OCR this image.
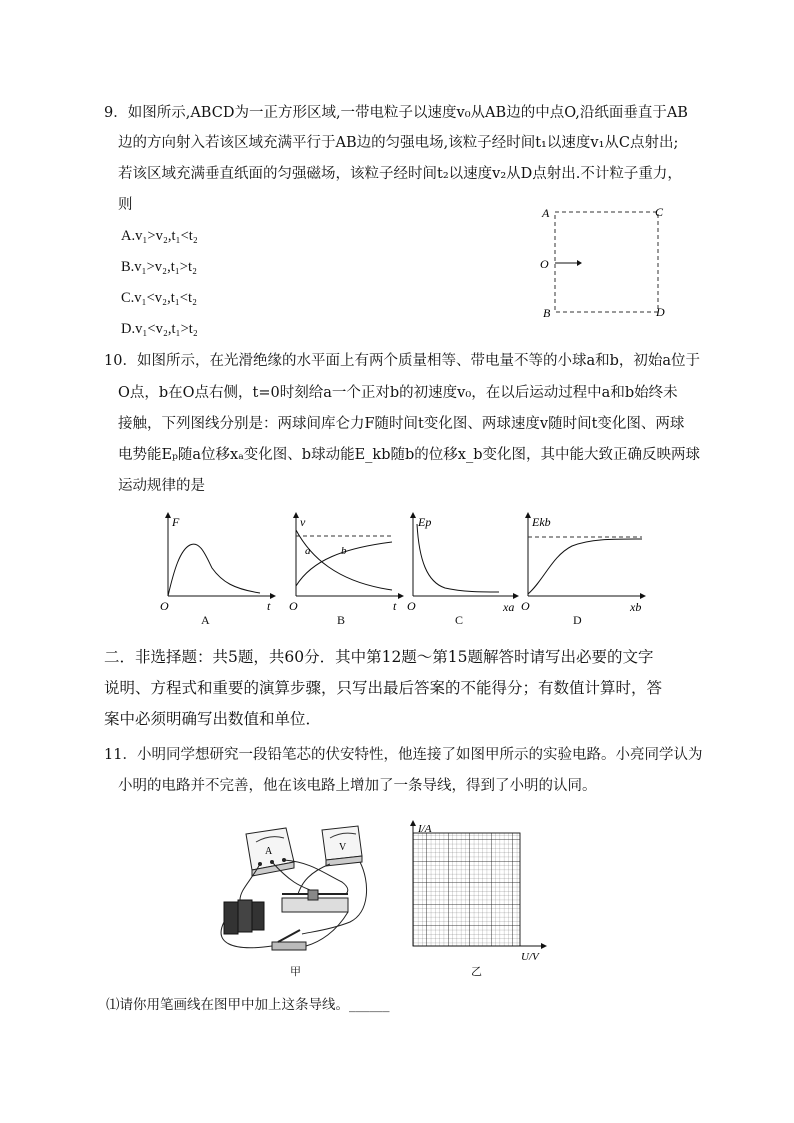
9．如图所示,ABCD为一正方形区域,一带电粒子以速度v₀从AB边的中点O,沿纸面垂直于AB
边的方向射入若该区域充满平行于AB边的匀强电场,该粒子经时间t₁以速度v₁从C点射出;
若该区域充满垂直纸面的匀强磁场，该粒子经时间t₂以速度v₂从D点射出.不计粒子重力，
则
A.v₁>v₂,t₁<t₂
B.v₁>v₂,t₁>t₂
C.v₁<v₂,t₁<t₂
D.v₁<v₂,t₁>t₂
A	C
O
B	D
10．如图所示，在光滑绝缘的水平面上有两个质量相等、带电量不等的小球a和b，初始a位于
O点，b在O点右侧，t=0时刻给a一个正对b的初速度v₀，在以后运动过程中a和b始终未
接触，下列图线分别是：两球间库仑力F随时间t变化图、两球速度v随时间t变化图、两球
电势能Eₚ随a位移xₐ变化图、b球动能E_kb随b的位移x_b变化图，其中能大致正确反映两球
运动规律的是
F
O	t
A
v
a	b
O	t
B
Ep
O	xa
C
Ekb
O	xb
D
二．非选择题：共5题，共60分．其中第12题～第15题解答时请写出必要的文字
说明、方程式和重要的演算步骤，只写出最后答案的不能得分；有数值计算时，答
案中必须明确写出数值和单位．
11．小明同学想研究一段铅笔芯的伏安特性，他连接了如图甲所示的实验电路。小亮同学认为
小明的电路并不完善，他在该电路上增加了一条导线，得到了小明的认同。
A	V
甲
I/A
U/V
乙
⑴请你用笔画线在图甲中加上这条导线。______
